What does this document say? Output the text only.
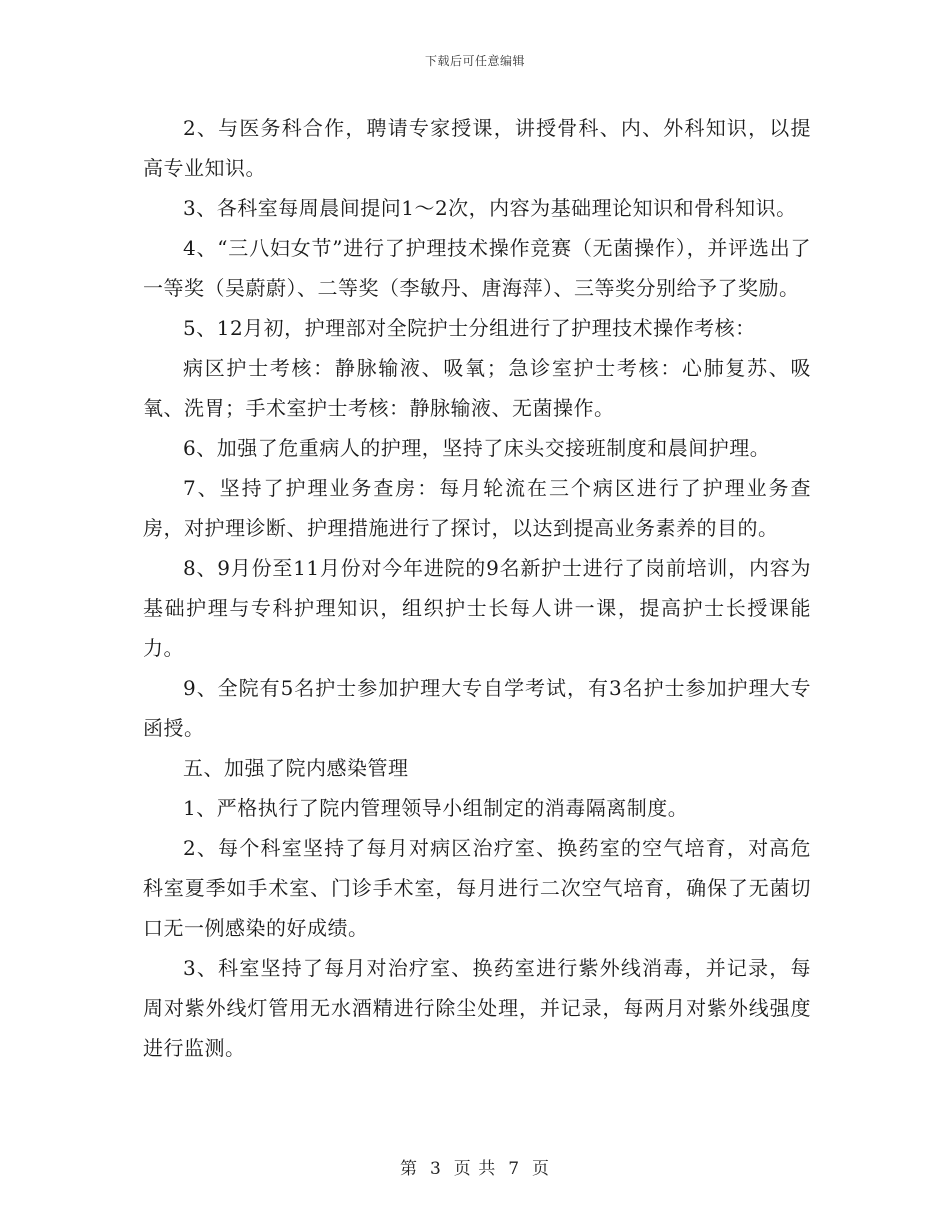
下载后可任意编辑

2、与医务科合作，聘请专家授课，讲授骨科、内、外科知识，以提高专业知识。

3、各科室每周晨间提问1～2次，内容为基础理论知识和骨科知识。

4、“三八妇女节”进行了护理技术操作竞赛（无菌操作），并评选出了一等奖（吴蔚蔚）、二等奖（李敏丹、唐海萍）、三等奖分别给予了奖励。

5、12月初，护理部对全院护士分组进行了护理技术操作考核：

病区护士考核：静脉输液、吸氧；急诊室护士考核：心肺复苏、吸氧、洗胃；手术室护士考核：静脉输液、无菌操作。

6、加强了危重病人的护理，坚持了床头交接班制度和晨间护理。

7、坚持了护理业务查房：每月轮流在三个病区进行了护理业务查房，对护理诊断、护理措施进行了探讨，以达到提高业务素养的目的。

8、9月份至11月份对今年进院的9名新护士进行了岗前培训，内容为基础护理与专科护理知识，组织护士长每人讲一课，提高护士长授课能力。

9、全院有5名护士参加护理大专自学考试，有3名护士参加护理大专函授。

五、加强了院内感染管理

1、严格执行了院内管理领导小组制定的消毒隔离制度。

2、每个科室坚持了每月对病区治疗室、换药室的空气培育，对高危科室夏季如手术室、门诊手术室，每月进行二次空气培育，确保了无菌切口无一例感染的好成绩。

3、科室坚持了每月对治疗室、换药室进行紫外线消毒，并记录，每周对紫外线灯管用无水酒精进行除尘处理，并记录，每两月对紫外线强度进行监测。

第 3 页 共 7 页
